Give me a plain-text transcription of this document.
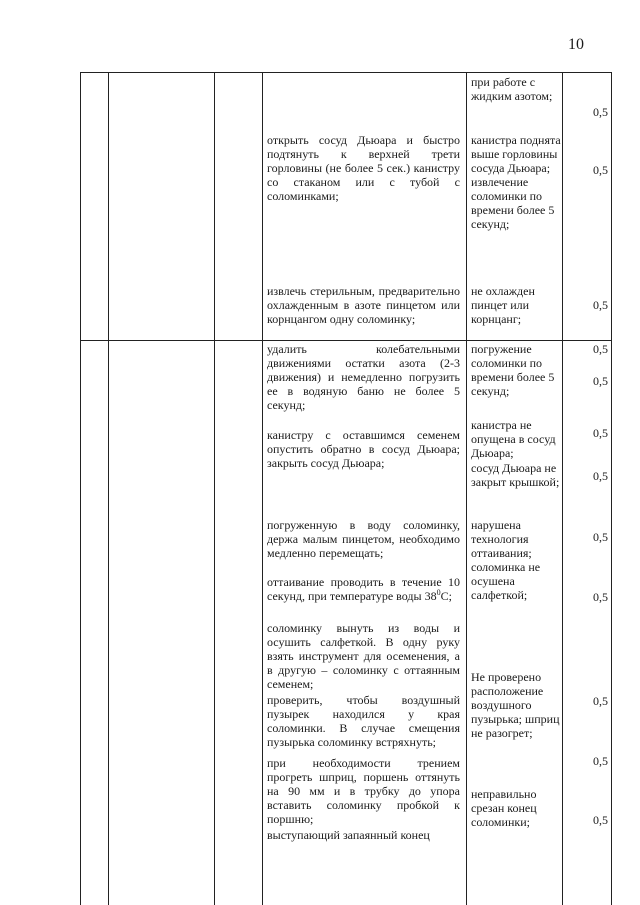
10
открыть сосуд Дьюара и быстро подтянуть к верхней трети горловины (не более 5 сек.) канистру со стаканом или с тубой с соломинками;
извлечь стерильным, предварительно охлажденным в азоте пинцетом или корнцангом одну соломинку;
при работе с жидким азотом;
канистра поднята выше горловины сосуда Дьюара; извлечение соломинки по времени более 5 секунд;
не охлажден пинцет или корнцанг;
0,5
0,5
0,5
удалить колебательными движениями остатки азота (2-3 движения) и немедленно погрузить ее в водяную баню не более 5 секунд;
канистру с оставшимся семенем опустить обратно в сосуд Дьюара; закрыть сосуд Дьюара;
погруженную в воду соломинку, держа малым пинцетом, необходимо медленно перемещать;
оттаивание проводить в течение 10 секунд, при температуре воды $38^0С$;
соломинку вынуть из воды и осушить салфеткой. В одну руку взять инструмент для осеменения, а в другую – соломинку с оттаянным семенем;
проверить, чтобы воздушный пузырек находился у края соломинки. В случае смещения пузырька соломинку встряхнуть;
при необходимости трением прогреть шприц, поршень оттянуть на 90 мм и в трубку до упора вставить соломинку пробкой к поршню;
выступающий запаянный конец
погружение соломинки по времени более 5 секунд;
канистра не опущена в сосуд Дьюара;
сосуд Дьюара не закрыт крышкой;
нарушена технология оттаивания; соломинка не осушена салфеткой;
Не проверено расположение воздушного пузырька; шприц не разогрет;
неправильно срезан конец соломинки;
0,5
0,5
0,5
0,5
0,5
0,5
0,5
0,5
0,5
